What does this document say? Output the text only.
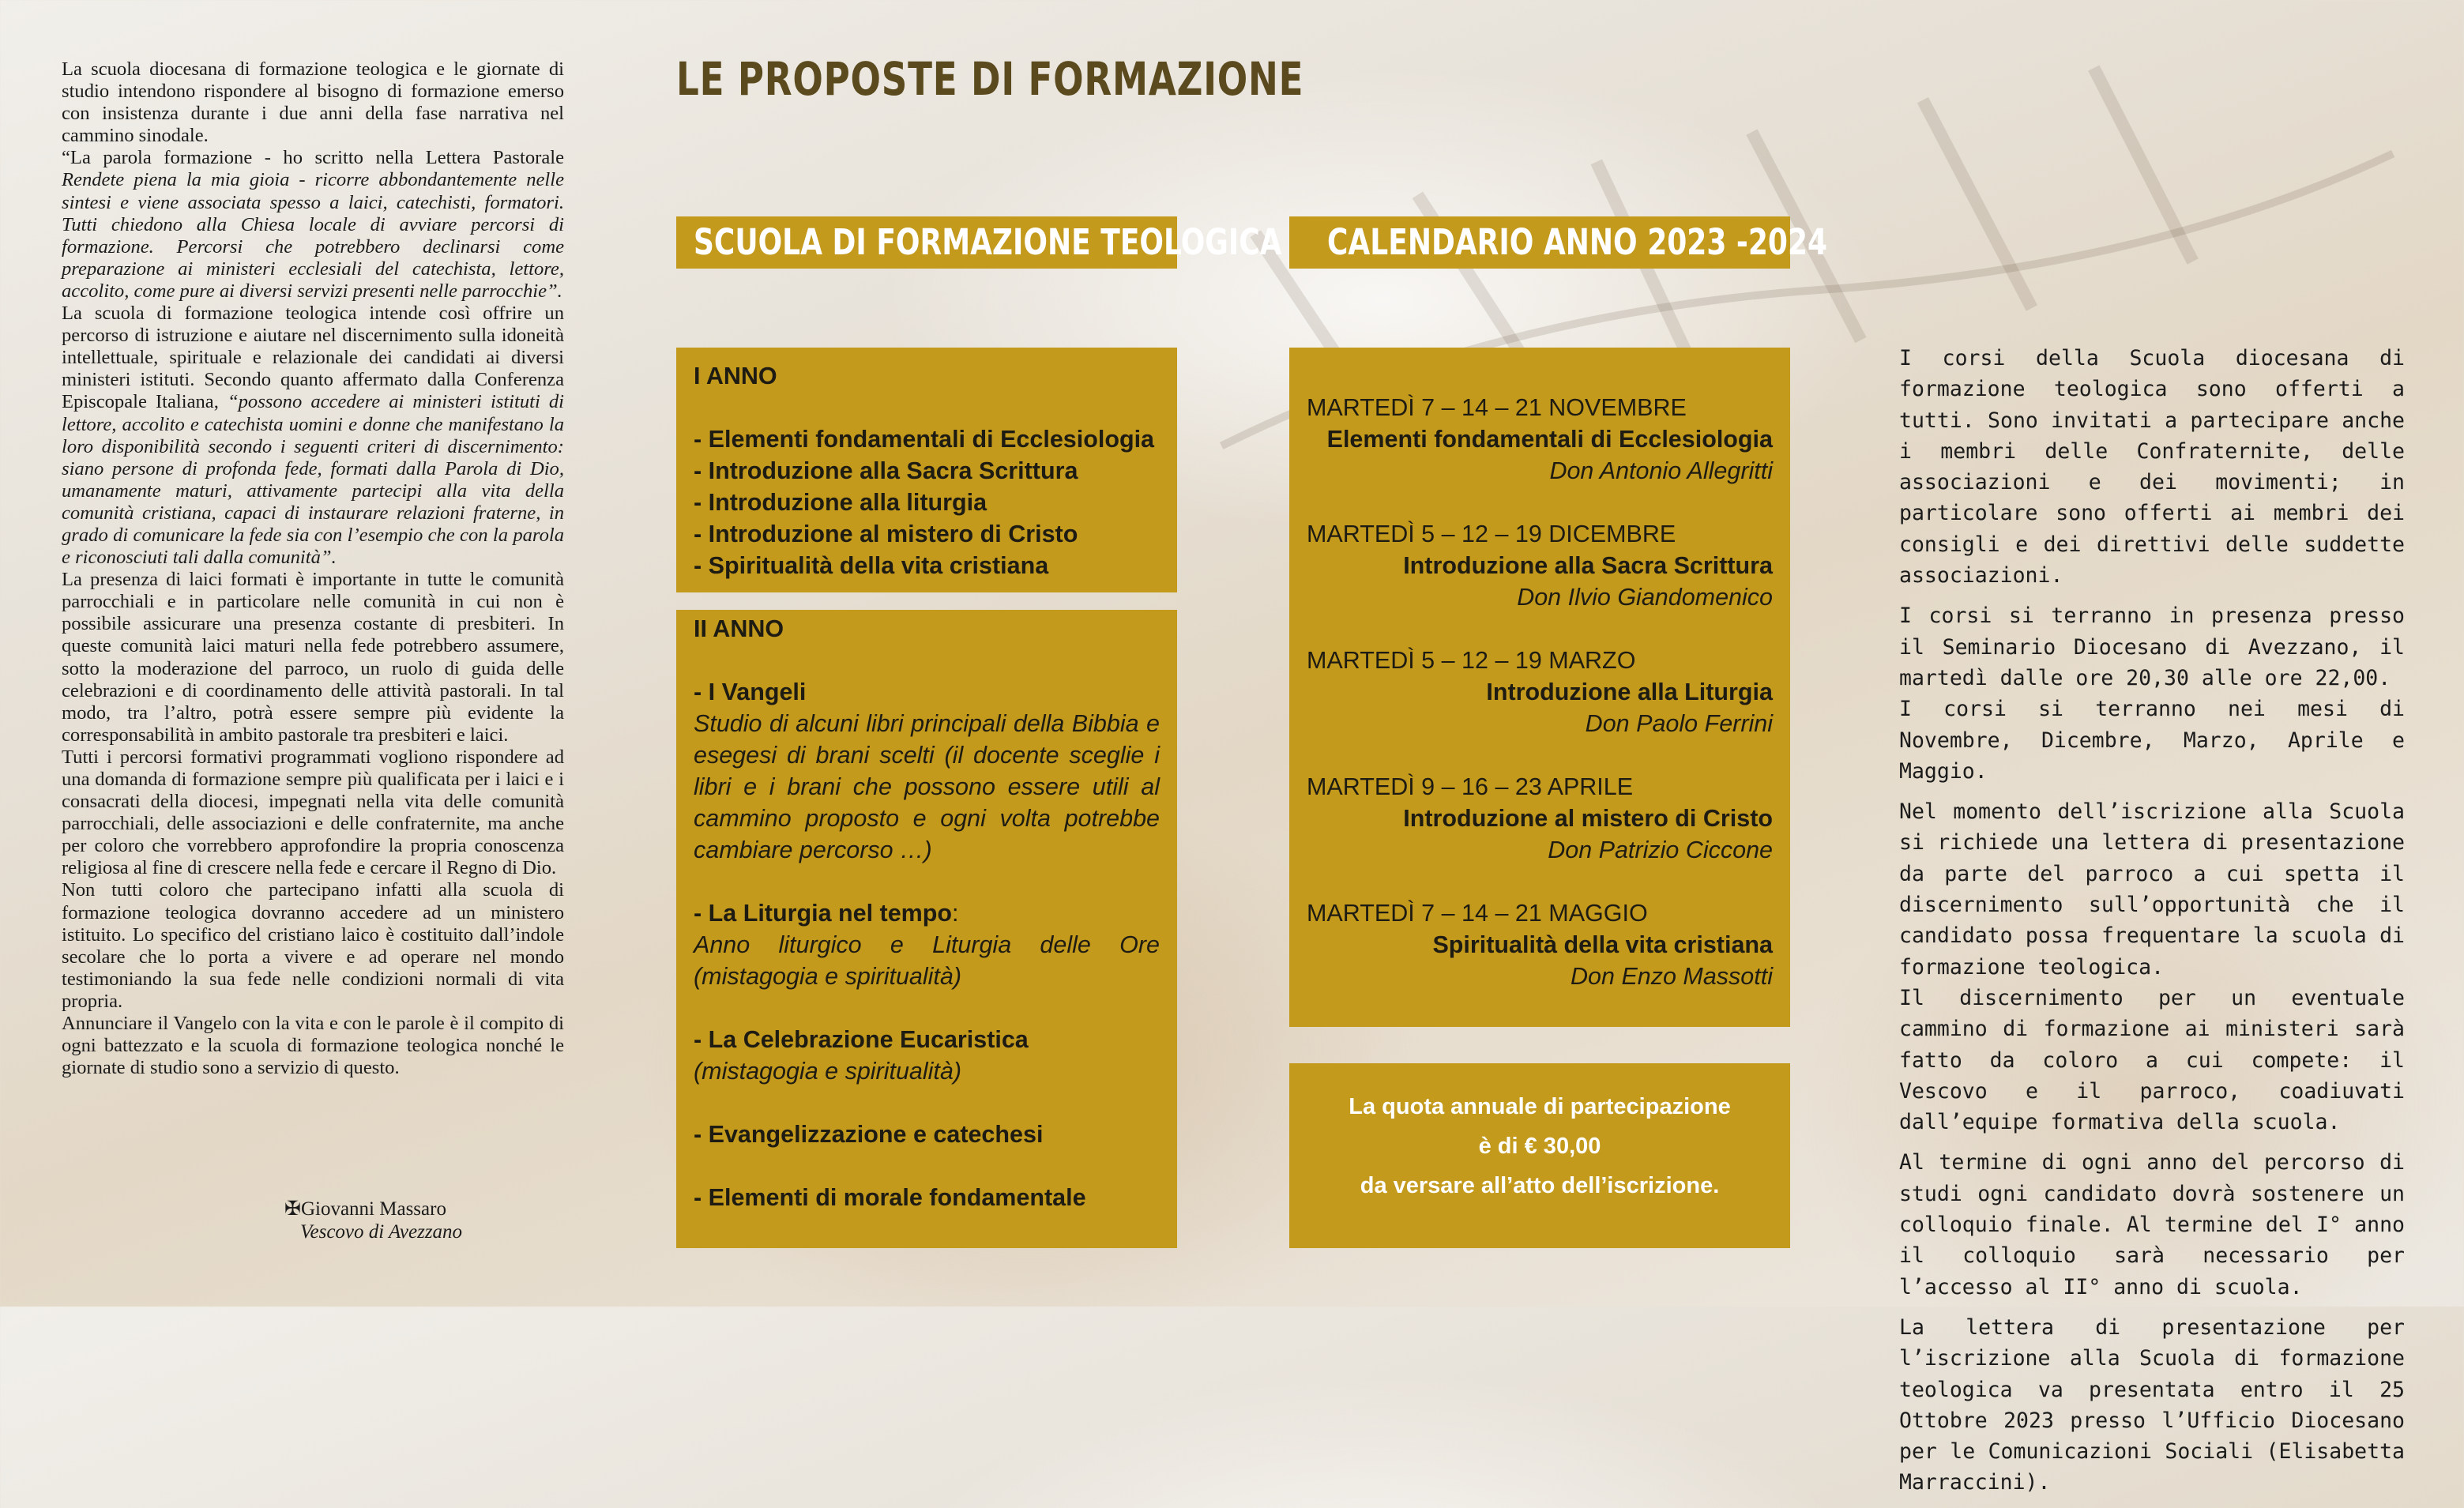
La scuola diocesana di formazione teologica e le giornate di studio intendono rispondere al bisogno di formazione emerso con insistenza durante i due anni della fase narrativa nel cammino sinodale.

“La parola formazione - ho scritto nella Lettera Pastorale Rendete piena la mia gioia - ricorre abbondantemente nelle sintesi e viene associata spesso a laici, catechisti, formatori. Tutti chiedono alla Chiesa locale di avviare percorsi di formazione. Percorsi che potrebbero declinarsi come preparazione ai ministeri ecclesiali del catechista, lettore, accolito, come pure ai diversi servizi presenti nelle parrocchie”.

La scuola di formazione teologica intende così offrire un percorso di istruzione e aiutare nel discernimento sulla idoneità intellettuale, spirituale e relazionale dei candidati ai diversi ministeri istituti. Secondo quanto affermato dalla Conferenza Episcopale Italiana, “possono accedere ai ministeri istituti di lettore, accolito e catechista uomini e donne che manifestano la loro disponibilità secondo i seguenti criteri di discernimento: siano persone di profonda fede, formati dalla Parola di Dio, umanamente maturi, attivamente partecipi alla vita della comunità cristiana, capaci di instaurare relazioni fraterne, in grado di comunicare la fede sia con l’esempio che con la parola e riconosciuti tali dalla comunità”.

La presenza di laici formati è importante in tutte le comunità parrocchiali e in particolare nelle comunità in cui non è possibile assicurare una presenza costante di presbiteri. In queste comunità laici maturi nella fede potrebbero assumere, sotto la moderazione del parroco, un ruolo di guida delle celebrazioni e di coordinamento delle attività pastorali. In tal modo, tra l’altro, potrà essere sempre più evidente la corresponsabilità in ambito pastorale tra presbiteri e laici.

Tutti i percorsi formativi programmati vogliono rispondere ad una domanda di formazione sempre più qualificata per i laici e i consacrati della diocesi, impegnati nella vita delle comunità parrocchiali, delle associazioni e delle confraternite, ma anche per coloro che vorrebbero approfondire la propria conoscenza religiosa al fine di crescere nella fede e cercare il Regno di Dio.

Non tutti coloro che partecipano infatti alla scuola di formazione teologica dovranno accedere ad un ministero istituito. Lo specifico del cristiano laico è costituito dall’indole secolare che lo porta a vivere e ad operare nel mondo testimoniando la sua fede nelle condizioni normali di vita propria.

Annunciare il Vangelo con la vita e con le parole è il compito di ogni battezzato e la scuola di formazione teologica nonché le giornate di studio sono a servizio di questo.

✠Giovanni Massaro
Vescovo di Avezzano
LE PROPOSTE DI FORMAZIONE
SCUOLA DI FORMAZIONE TEOLOGICA	CALENDARIO ANNO 2023 -2024
I ANNO
- Elementi fondamentali di Ecclesiologia
- Introduzione alla Sacra Scrittura
- Introduzione alla liturgia
- Introduzione al mistero di Cristo
- Spiritualità della vita cristiana
II ANNO
- I Vangeli
Studio di alcuni libri principali della Bibbia e esegesi di brani scelti (il docente sceglie i libri e i brani che possono essere utili al cammino proposto e ogni volta potrebbe cambiare percorso …)
- La Liturgia nel tempo:
Anno liturgico e Liturgia delle Ore (mistagogia e spiritualità)
- La Celebrazione Eucaristica
(mistagogia e spiritualità)
- Evangelizzazione e catechesi
- Elementi di morale fondamentale
MARTEDÌ 7 – 14 – 21 NOVEMBRE
Elementi fondamentali di Ecclesiologia
Don Antonio Allegritti
MARTEDÌ 5 – 12 – 19 DICEMBRE
Introduzione alla Sacra Scrittura
Don Ilvio Giandomenico
MARTEDÌ 5 – 12 – 19 MARZO
Introduzione alla Liturgia
Don Paolo Ferrini
MARTEDÌ 9 – 16 – 23 APRILE
Introduzione al mistero di Cristo
Don Patrizio Ciccone
MARTEDÌ 7 – 14 – 21 MAGGIO
Spiritualità della vita cristiana
Don Enzo Massotti
La quota annuale di partecipazione
è di € 30,00
da versare all’atto dell’iscrizione.

I corsi della Scuola diocesana di formazione teologica sono offerti a tutti. Sono invitati a partecipare anche i membri delle Confraternite, delle associazioni e dei movimenti; in particolare sono offerti ai membri dei consigli e dei direttivi delle suddette associazioni.

I corsi si terranno in presenza presso il Seminario Diocesano di Avezzano, il martedì dalle ore 20,30 alle ore 22,00.
I corsi si terranno nei mesi di Novembre, Dicembre, Marzo, Aprile e Maggio.

Nel momento dell’iscrizione alla Scuola si richiede una lettera di presentazione da parte del parroco a cui spetta il discernimento sull’opportunità che il candidato possa frequentare la scuola di formazione teologica.
Il discernimento per un eventuale cammino di formazione ai ministeri sarà fatto da coloro a cui compete: il Vescovo e il parroco, coadiuvati dall’equipe formativa della scuola.

Al termine di ogni anno del percorso di studi ogni candidato dovrà sostenere un colloquio finale. Al termine del I° anno il colloquio sarà necessario per l’accesso al II° anno di scuola.

La lettera di presentazione per l’iscrizione alla Scuola di formazione teologica va presentata entro il 25 Ottobre 2023 presso l’Ufficio Diocesano per le Comunicazioni Sociali (Elisabetta Marraccini).
